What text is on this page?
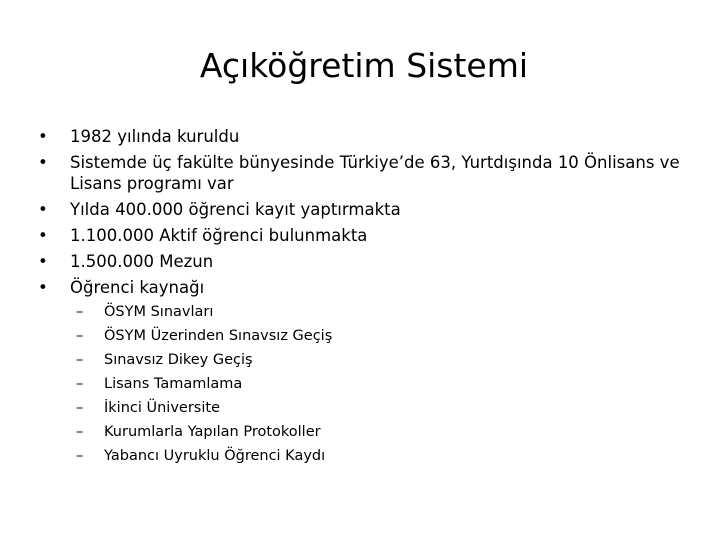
Açıköğretim Sistemi
• 1982 yılında kuruldu
• Sistemde üç fakülte bünyesinde Türkiye’de 63, Yurtdışında 10 Önlisans ve Lisans programı var
• Yılda 400.000 öğrenci kayıt yaptırmakta
• 1.100.000 Aktif öğrenci bulunmakta
• 1.500.000 Mezun
• Öğrenci kaynağı
– ÖSYM Sınavları
– ÖSYM Üzerinden Sınavsız Geçiş
– Sınavsız Dikey Geçiş
– Lisans Tamamlama
– İkinci Üniversite
– Kurumlarla Yapılan Protokoller
– Yabancı Uyruklu Öğrenci Kaydı
